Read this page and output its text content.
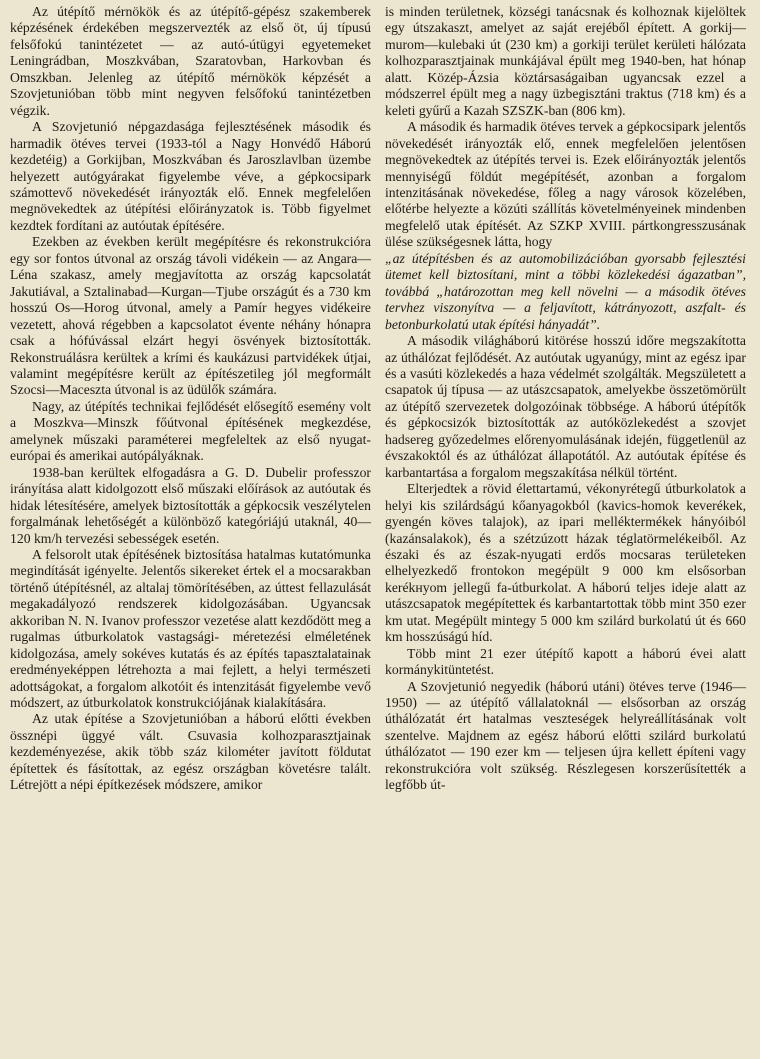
Az útépítő mérnökök és az útépítő-gépész szakemberek képzésének érdekében megszervezték az első öt, új típusú felsőfokú tanintézetet — az autó-útügyi egyetemeket Leningrádban, Moszkvában, Szaratovban, Harkovban és Omszkban. Jelenleg az útépítő mérnökök képzését a Szovjetunióban több mint negyven felsőfokú tanintézetben végzik.

A Szovjetunió népgazdasága fejlesztésének második és harmadik ötéves tervei (1933-tól a Nagy Honvédő Háború kezdetéig) a Gorkijban, Moszkvában és Jaroszlavlban üzembe helyezett autógyárakat figyelembe véve, a gépkocsipark számottevő növekedését irányozták elő. Ennek megfelelően megnövekedtek az útépítési előirányzatok is. Több figyelmet kezdtek fordítani az autóutak építésére.

Ezekben az években került megépítésre és rekonstrukcióra egy sor fontos útvonal az ország távoli vidékein — az Angara—Léna szakasz, amely megjavította az ország kapcsolatát Jakutiával, a Sztalinabad—Kurgan—Tjube országút és a 730 km hosszú Os—Horog útvonal, amely a Pamír hegyes vidékeire vezetett, ahová régebben a kapcsolatot évente néhány hónapra csak a hófúvással elzárt hegyi ösvények biztosították. Rekonstruálásra kerültek a krími és kaukázusi partvidékek útjai, valamint megépítésre került az építészetileg jól megformált Szocsi—Macesztа útvonal is az üdülők számára.

Nagy, az útépítés technikai fejlődését elősegítő esemény volt a Moszkva—Minszk főútvonal építésének megkezdése, amelynek műszaki paraméterei megfeleltek az első nyugat-európai és amerikai autópályáknak.

1938-ban kerültek elfogadásra a G. D. Dubelir professzor irányítása alatt kidolgozott első műszaki előírások az autóutak és hidak létesítésére, amelyek biztosították a gépkocsik veszélytelen forgalmának lehetőségét a különböző kategóriájú utaknál, 40—120 km/h tervezési sebességek esetén.

A felsorolt utak építésének biztosítása hatalmas kutatómunka megindítását igényelte. Jelentős sikereket értek el a mocsarakban történő útépítésnél, az altalaj tömörítésében, az úttest fellazulását megakadályozó rendszerek kidolgozásában. Ugyancsak akkoriban N. N. Ivanov professzor vezetése alatt kezdődött meg a rugalmas útburkolatok vastagsági- méretezési elméletének kidolgozása, amely sokéves kutatás és az építés tapasztalatainak eredményeképpen létrehozta a mai fejlett, a helyi természeti adottságokat, a forgalom alkotóit és intenzitását figyelembe vevő módszert, az útburkolatok konstrukciójának kialakítására.

Az utak építése a Szovjetunióban a háború előtti években össznépi üggyé vált. Csuvasia kolhozparasztjainak kezdeményezése, akik több száz kilométer javított földutat építettek és fásítottak, az egész országban követésre talált. Létrejött a népi építkezések módszere, amikor

is minden területnek, községi tanácsnak és kolhoznak kijelöltek egy útszakaszt, amelyet az saját erejéből épített. A gorkij—murom—kulebaki út (230 km) a gorkiji terület kerületi hálózata kolhozparasztjainak munkájával épült meg 1940-ben, hat hónap alatt. Közép-Ázsia köztársaságaiban ugyancsak ezzel a módszerrel épült meg a nagy üzbegisztáni traktus (718 km) és a keleti gyűrű a Kazah SZSZK-ban (806 km).

A második és harmadik ötéves tervek a gépkocsipark jelentős növekedését irányozták elő, ennek megfelelően jelentősen megnövekedtek az útépítés tervei is. Ezek előirányozták jelentős mennyiségű földút megépítését, azonban a forgalom intenzitásának növekedése, főleg a nagy városok közelében, előtérbe helyezte a közúti szállítás követelményeinek mindenben megfelelő utak építését. Az SZKP XVIII. pártkongresszusának ülése szükségesnek látta, hogy

„az útépítésben és az automobilizációban gyorsabb fejlesztési ütemet kell biztosítani, mint a többi közlekedési ágazatban”, továbbá „határozottan meg kell növelni — a második ötéves tervhez viszonyítva — a feljavított, kátrányozott, aszfalt- és betonburkolatú utak építési hányadát”.

A második világháború kitörése hosszú időre megszakította az úthálózat fejlődését. Az autóutak ugyanúgy, mint az egész ipar és a vasúti közlekedés a haza védelmét szolgálták. Megszületett a csapatok új típusa — az utászcsapatok, amelyekbe összetömörült az útépítő szervezetek dolgozóinak többsége. A háború útépítők és gépkocsizók biztosították az autóközlekedést a szovjet hadsereg győzedelmes előrenyomulásának idején, függetlenül az évszakoktól és az úthálózat állapotától. Az autóutak építése és karbantartása a forgalom megszakítása nélkül történt.

Elterjedtek a rövid élettartamú, vékonyrétegű útburkolatok a helyi kis szilárdságú kőanyagokból (kavics-homok keverékek, gyengén köves talajok), az ipari melléktermékek hányóiból (kazánsalakok), és a szétzúzott házak téglatörmelékeiből. Az északi és az észak-nyugati erdős mocsaras területeken elhelyezkedő frontokon megépült 9 000 km elsősorban kerékнyom jellegű fa-útburkolat. A háború teljes ideje alatt az utászcsapatok megépítettek és karbantartottak több mint 350 ezer km utat. Megépült mintegy 5 000 km szilárd burkolatú út és 660 km hosszúságú híd.

Több mint 21 ezer útépítő kapott a háború évei alatt kormánykitüntetést.

A Szovjetunió negyedik (háború utáni) ötéves terve (1946—1950) — az útépítő vállalatoknál — elsősorban az ország úthálózatát ért hatalmas veszteségek helyreállításának volt szentelve. Majdnem az egész háború előtti szilárd burkolatú úthálózatot — 190 ezer km — teljesen újra kellett építeni vagy rekonstrukcióra volt szükség. Részlegesen korszerűsítették a legfőbb út-
